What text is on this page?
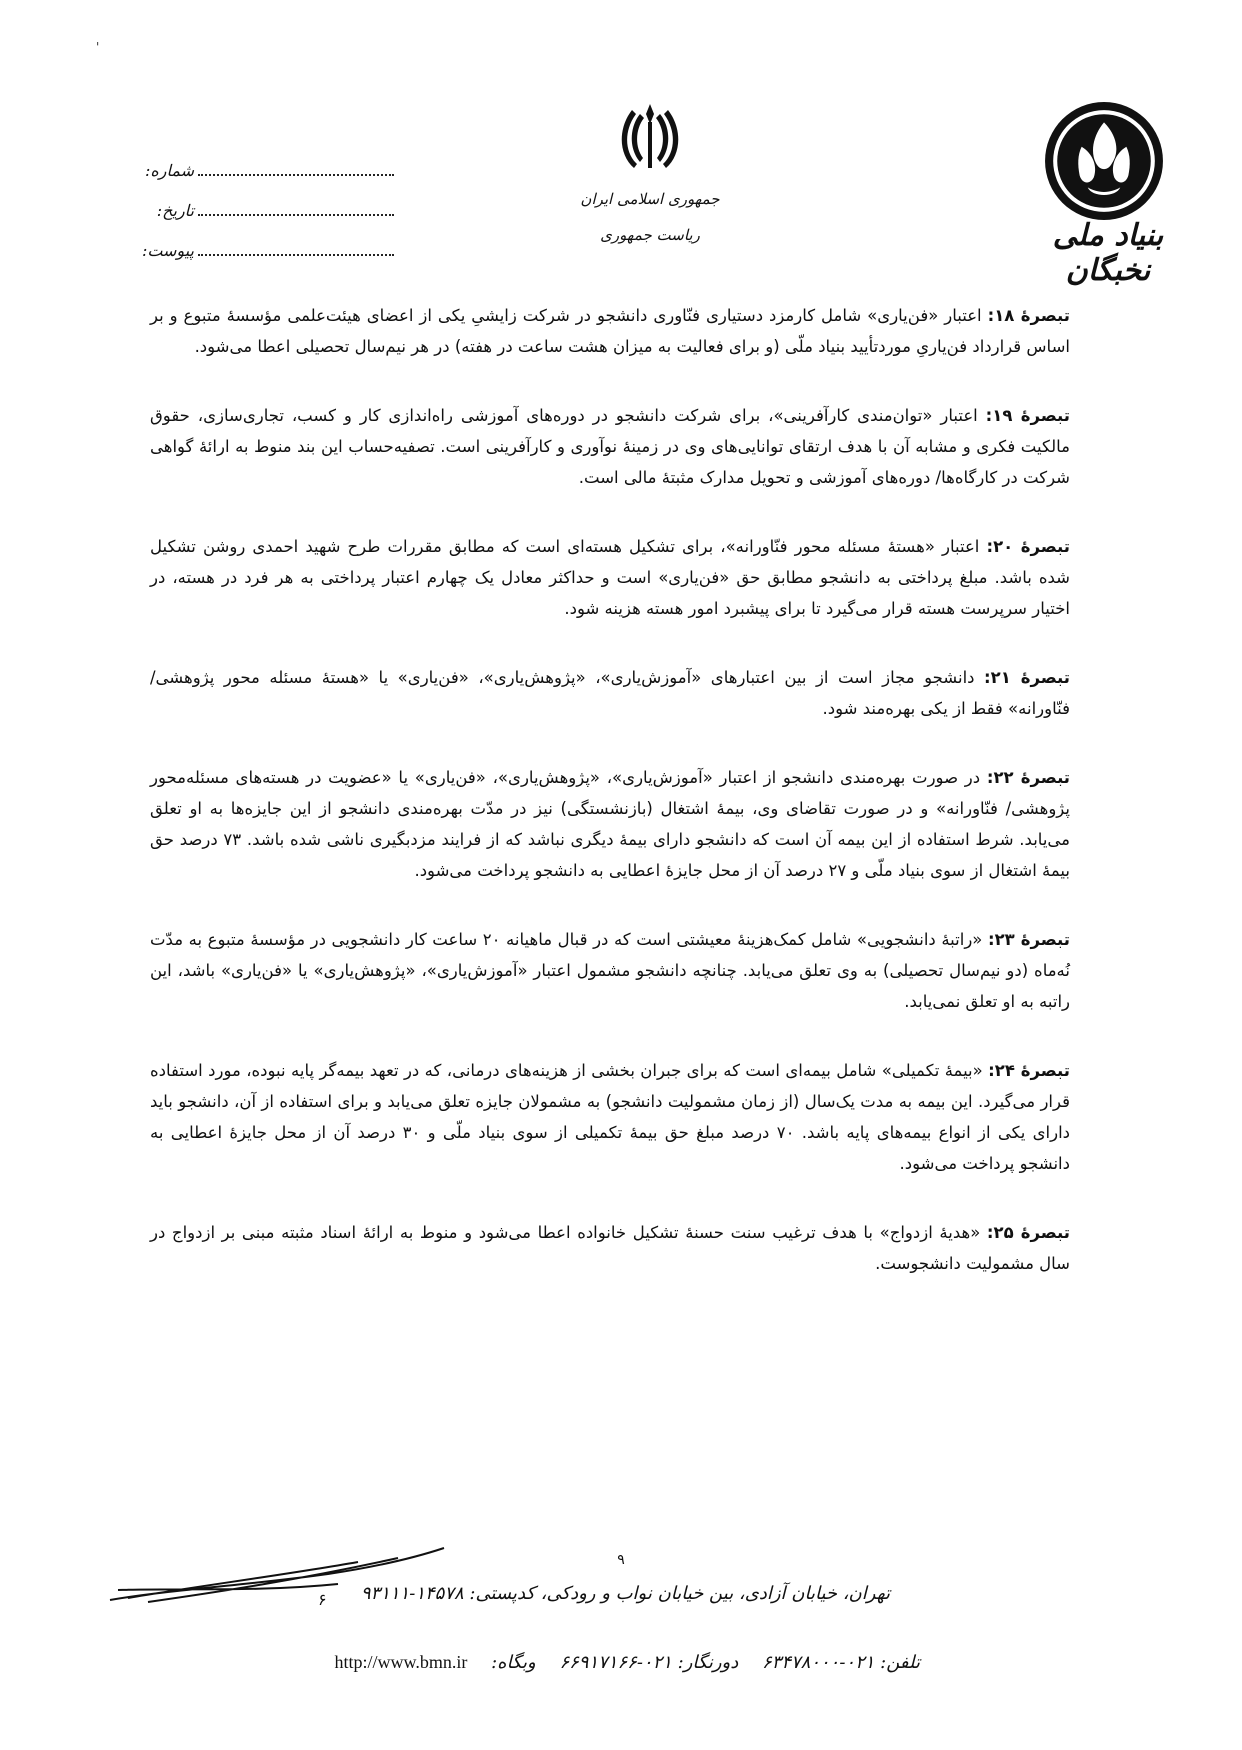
'
بنیاد ملی نخبگان
جمهوری اسلامی ایران
ریاست جمهوری
شماره:
تاریخ:
پیوست:

تبصرۀ ۱۸: اعتبار «فن‌یاری» شامل کارمزد دستیاری فنّاوری دانشجو در شرکت زایشیِ یکی از اعضای هیئت‌علمی مؤسسۀ متبوع و بر اساس قرارداد فن‌یاریِ موردتأیید بنیاد ملّی (و برای فعالیت به میزان هشت ساعت در هفته) در هر نیم‌سال تحصیلی اعطا می‌شود.

تبصرۀ ۱۹: اعتبار «توان‌مندی کارآفرینی»، برای شرکت دانشجو در دوره‌های آموزشی راه‌اندازی کار و کسب، تجاری‌سازی، حقوق مالکیت فکری و مشابه آن با هدف ارتقای توانایی‌های وی در زمینۀ نوآوری و کارآفرینی است. تصفیه‌حساب این بند منوط به ارائۀ گواهی شرکت در کارگاه‌ها/ دوره‌های آموزشی و تحویل مدارک مثبتۀ مالی است.

تبصرۀ ۲۰: اعتبار «هستۀ مسئله محور فنّاورانه»، برای تشکیل هسته‌ای است که مطابق مقررات طرح شهید احمدی روشن تشکیل شده باشد. مبلغ پرداختی به دانشجو مطابق حق «فن‌یاری» است و حداکثر معادل یک چهارم اعتبار پرداختی به هر فرد در هسته، در اختیار سرپرست هسته قرار می‌گیرد تا برای پیشبرد امور هسته هزینه شود.

تبصرۀ ۲۱: دانشجو مجاز است از بین اعتبارهای «آموزش‌یاری»، «پژوهش‌یاری»، «فن‌یاری» یا «هستۀ مسئله محور پژوهشی/ فنّاورانه» فقط از یکی بهره‌مند شود.

تبصرۀ ۲۲: در صورت بهره‌مندی دانشجو از اعتبار «آموزش‌یاری»، «پژوهش‌یاری»، «فن‌یاری» یا «عضویت در هسته‌های مسئله‌محور پژوهشی/ فنّاورانه» و در صورت تقاضای وی، بیمۀ اشتغال (بازنشستگی) نیز در مدّت بهره‌مندی دانشجو از این جایزه‌ها به او تعلق می‌یابد. شرط استفاده از این بیمه آن است که دانشجو دارای بیمۀ دیگری نباشد که از فرایند مزدبگیری ناشی شده باشد. ۷۳ درصد حق بیمۀ اشتغال از سوی بنیاد ملّی و ۲۷ درصد آن از محل جایزۀ اعطایی به دانشجو پرداخت می‌شود.

تبصرۀ ۲۳: «راتبۀ دانشجویی» شامل کمک‌هزینۀ معیشتی است که در قبال ماهیانه ۲۰ ساعت کار دانشجویی در مؤسسۀ متبوع به مدّت نُه‌ماه (دو نیم‌سال تحصیلی) به وی تعلق می‌یابد. چنانچه دانشجو مشمول اعتبار «آموزش‌یاری»، «پژوهش‌یاری» یا «فن‌یاری» باشد، این راتبه به او تعلق نمی‌یابد.

تبصرۀ ۲۴: «بیمۀ تکمیلی» شامل بیمه‌ای است که برای جبران بخشی از هزینه‌های درمانی، که در تعهد بیمه‌گر پایه نبوده، مورد استفاده قرار می‌گیرد. این بیمه به مدت یک‌سال (از زمان مشمولیت دانشجو) به مشمولان جایزه تعلق می‌یابد و برای استفاده از آن، دانشجو باید دارای یکی از انواع بیمه‌های پایه باشد. ۷۰ درصد مبلغ حق بیمۀ تکمیلی از سوی بنیاد ملّی و ۳۰ درصد آن از محل جایزۀ اعطایی به دانشجو پرداخت می‌شود.

تبصرۀ ۲۵: «هدیۀ ازدواج» با هدف ترغیب سنت حسنۀ تشکیل خانواده اعطا می‌شود و منوط به ارائۀ اسناد مثبته مبنی بر ازدواج در سال مشمولیت دانشجوست.

۹
۶ تهران، خیابان آزادی، بین خیابان نواب و رودکی، کدپستی: ۱۴۵۷۸-۹۳۱۱۱
تلفن: ۰۲۱-۶۳۴۷۸۰۰۰ دورنگار: ۰۲۱-۶۶۹۱۷۱۶۶ وبگاه: http://www.bmn.ir
